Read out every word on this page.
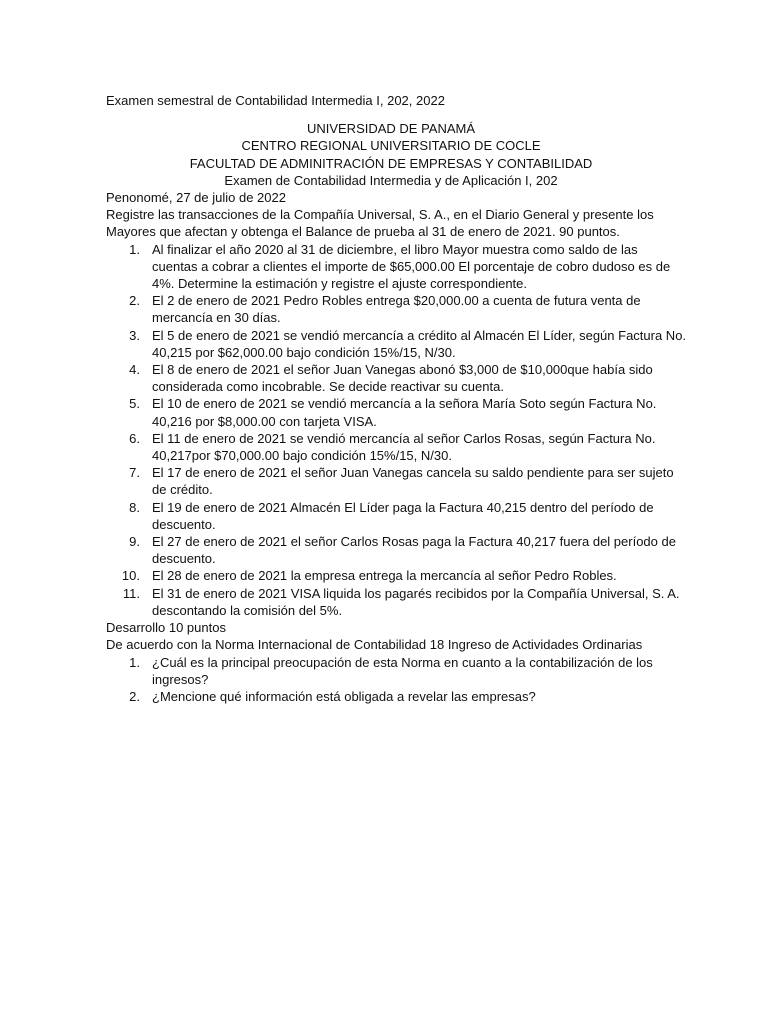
Examen semestral de Contabilidad Intermedia I, 202, 2022

UNIVERSIDAD DE PANAMÁ
CENTRO REGIONAL UNIVERSITARIO DE COCLE
FACULTAD DE ADMINITRACIÓN DE EMPRESAS Y CONTABILIDAD
Examen de Contabilidad Intermedia y de Aplicación I, 202

Penonomé, 27 de julio de 2022

Registre las transacciones de la Compañía Universal, S. A., en el Diario General y presente los
Mayores que afectan y obtenga el Balance de prueba al 31 de enero de 2021. 90 puntos.
1. Al finalizar el año 2020 al 31 de diciembre, el libro Mayor muestra como saldo de las
cuentas a cobrar a clientes el importe de $65,000.00 El porcentaje de cobro dudoso es de
4%. Determine la estimación y registre el ajuste correspondiente.
2. El 2 de enero de 2021 Pedro Robles entrega $20,000.00 a cuenta de futura venta de
mercancía en 30 días.
3. El 5 de enero de 2021 se vendió mercancía a crédito al Almacén El Líder, según Factura No.
40,215 por $62,000.00 bajo condición 15%/15, N/30.
4. El 8 de enero de 2021 el señor Juan Vanegas abonó $3,000 de $10,000que había sido
considerada como incobrable. Se decide reactivar su cuenta.
5. El 10 de enero de 2021 se vendió mercancía a la señora María Soto según Factura No.
40,216 por $8,000.00 con tarjeta VISA.
6. El 11 de enero de 2021 se vendió mercancía al señor Carlos Rosas, según Factura No.
40,217por $70,000.00 bajo condición 15%/15, N/30.
7. El 17 de enero de 2021 el señor Juan Vanegas cancela su saldo pendiente para ser sujeto
de crédito.
8. El 19 de enero de 2021 Almacén El Líder paga la Factura 40,215 dentro del período de
descuento.
9. El 27 de enero de 2021 el señor Carlos Rosas paga la Factura 40,217 fuera del período de
descuento.
10. El 28 de enero de 2021 la empresa entrega la mercancía al señor Pedro Robles.
11. El 31 de enero de 2021 VISA liquida los pagarés recibidos por la Compañía Universal, S. A.
descontando la comisión del 5%.

Desarrollo 10 puntos

De acuerdo con la Norma Internacional de Contabilidad 18 Ingreso de Actividades Ordinarias

1. ¿Cuál es la principal preocupación de esta Norma en cuanto a la contabilización de los
ingresos?
2. ¿Mencione qué información está obligada a revelar las empresas?
